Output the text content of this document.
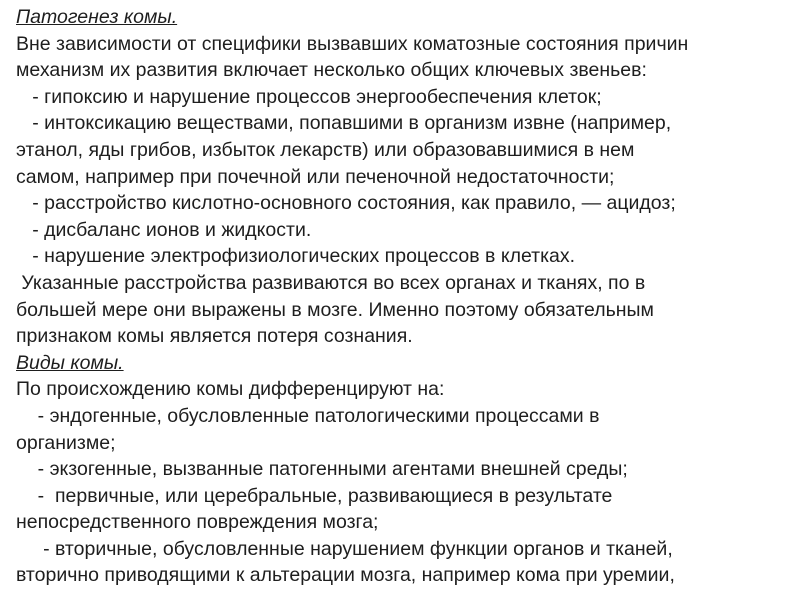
Патогенез комы.
Вне зависимости от специфики вызвавших коматозные состояния причин
механизм их развития включает несколько общих ключевых звеньев:
- гипоксию и нарушение процессов энергообеспечения клеток;
- интоксикацию веществами, попавшими в организм извне (например,
этанол, яды грибов, избыток лекарств) или образовавшимися в нем
самом, например при почечной или печеночной недостаточности;
- расстройство кислотно-основного состояния, как правило, — ацидоз;
- дисбаланс ионов и жидкости.
- нарушение электрофизиологических процессов в клетках.
Указанные расстройства развиваются во всех органах и тканях, по в
большей мере они выражены в мозге. Именно поэтому обязательным
признаком комы является потеря сознания.
Виды комы.
По происхождению комы дифференцируют на:
- эндогенные, обусловленные патологическими процессами в
организме;
- экзогенные, вызванные патогенными агентами внешней среды;
-  первичные, или церебральные, развивающиеся в результате
непосредственного повреждения мозга;
- вторичные, обусловленные нарушением функции органов и тканей,
вторично приводящими к альтерации мозга, например кома при уремии,
